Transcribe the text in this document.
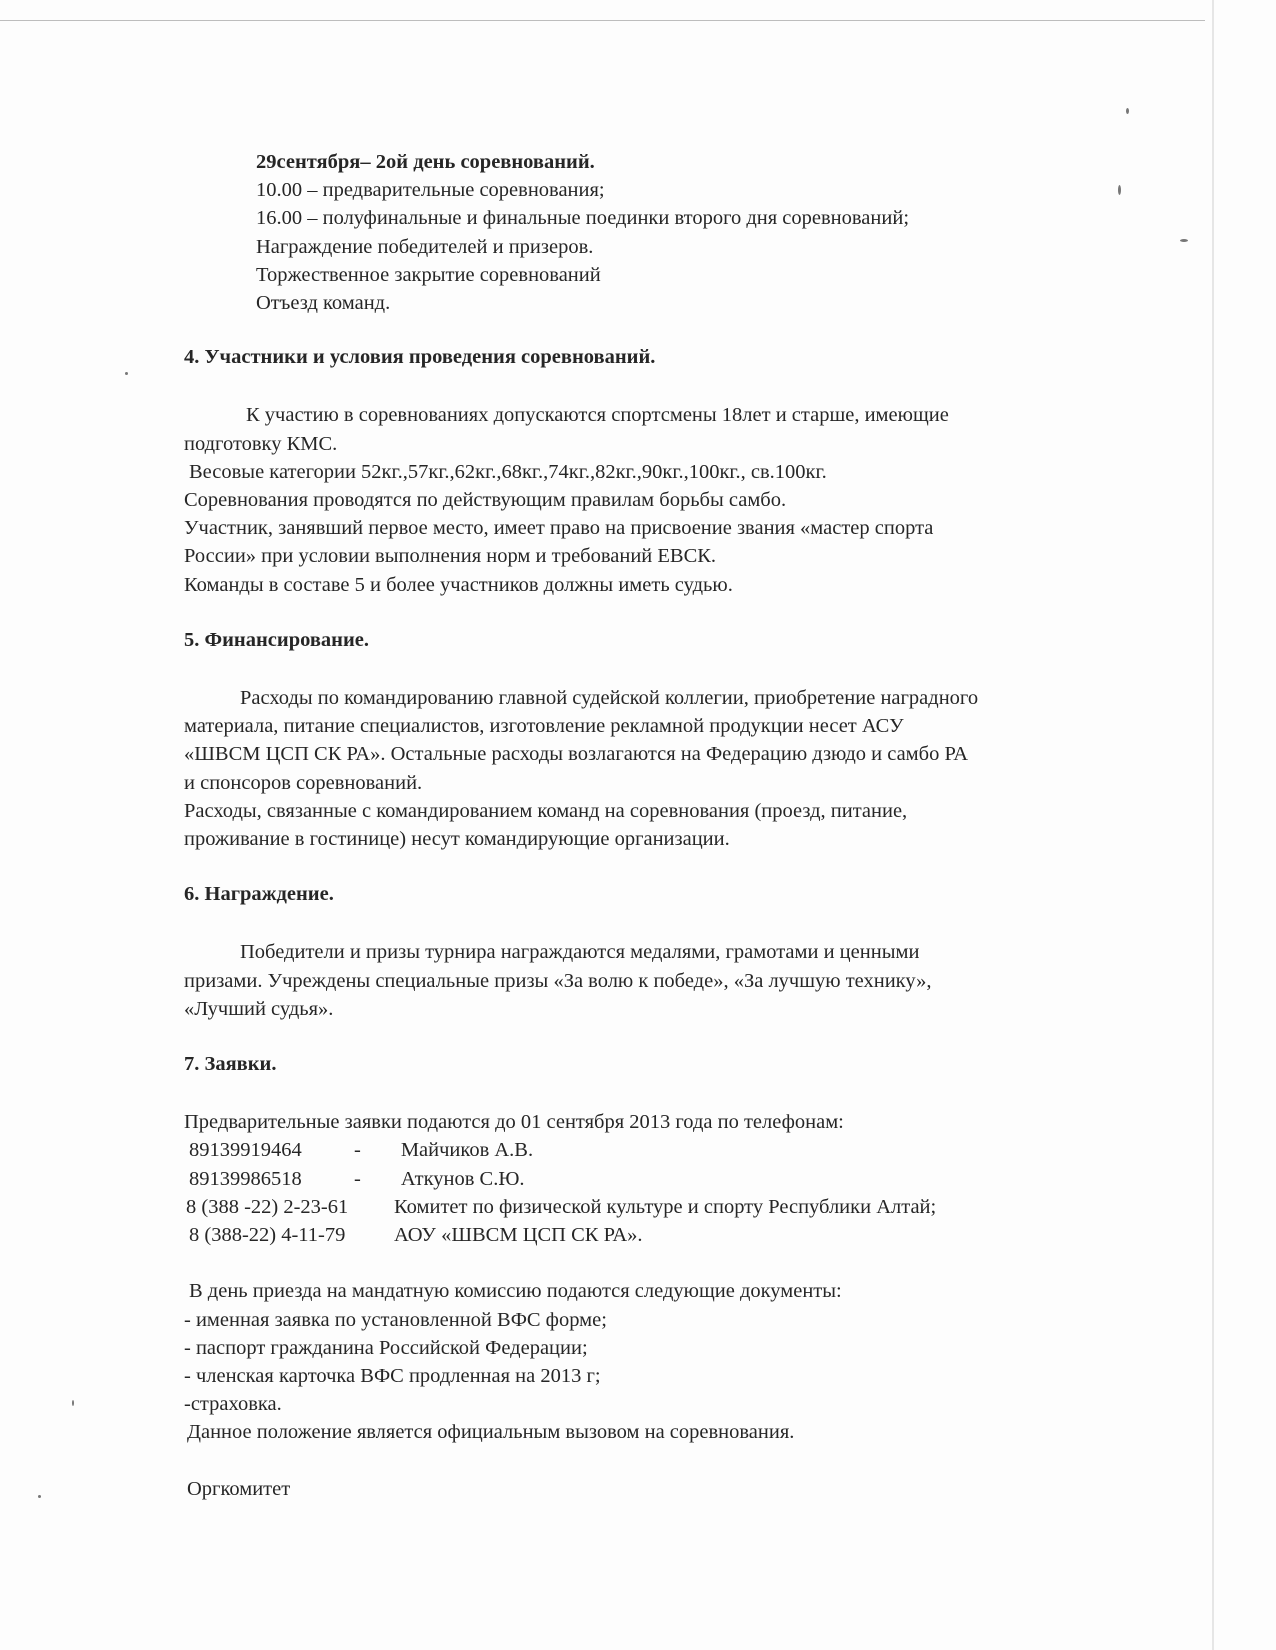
29сентября– 2ой день соревнований.

10.00 – предварительные соревнования;

16.00 – полуфинальные и финальные поединки второго дня соревнований;

Награждение победителей и призеров.

Торжественное закрытие соревнований

Отъезд команд.

4. Участники и условия проведения соревнований.

К участию в соревнованиях допускаются спортсмены 18лет и старше, имеющие

подготовку КМС.

Весовые категории 52кг.,57кг.,62кг.,68кг.,74кг.,82кг.,90кг.,100кг., св.100кг.

Соревнования проводятся по действующим правилам борьбы самбо.

Участник, занявший первое место, имеет право на присвоение звания «мастер спорта

России» при условии выполнения норм и требований ЕВСК.

Команды в составе 5 и более участников должны иметь судью.

5. Финансирование.

Расходы по командированию главной судейской коллегии, приобретение наградного

материала, питание специалистов, изготовление рекламной продукции несет АСУ

«ШВСМ ЦСП СК РА». Остальные расходы возлагаются на Федерацию дзюдо и самбо РА

и спонсоров соревнований.

Расходы, связанные с командированием команд на соревнования (проезд, питание,

проживание в гостинице) несут командирующие организации.

6. Награждение.

Победители и призы турнира награждаются медалями, грамотами и ценными

призами. Учреждены специальные призы «За волю к победе», «За лучшую технику»,

«Лучший судья».

7. Заявки.

Предварительные заявки подаются до 01 сентября 2013 года по телефонам:

89139919464	- Майчиков А.В.
89139986518	- Аткунов С.Ю.
8 (388 -22) 2-23-61	Комитет по физической культуре и спорту Республики Алтай;
8 (388-22) 4-11-79	АОУ «ШВСМ ЦСП СК РА».

В день приезда на мандатную комиссию подаются следующие документы:

- именная заявка по установленной ВФС форме;

- паспорт гражданина Российской Федерации;

- членская карточка ВФС продленная на 2013 г;

-страховка.

Данное положение является официальным вызовом на соревнования.

Оргкомитет
